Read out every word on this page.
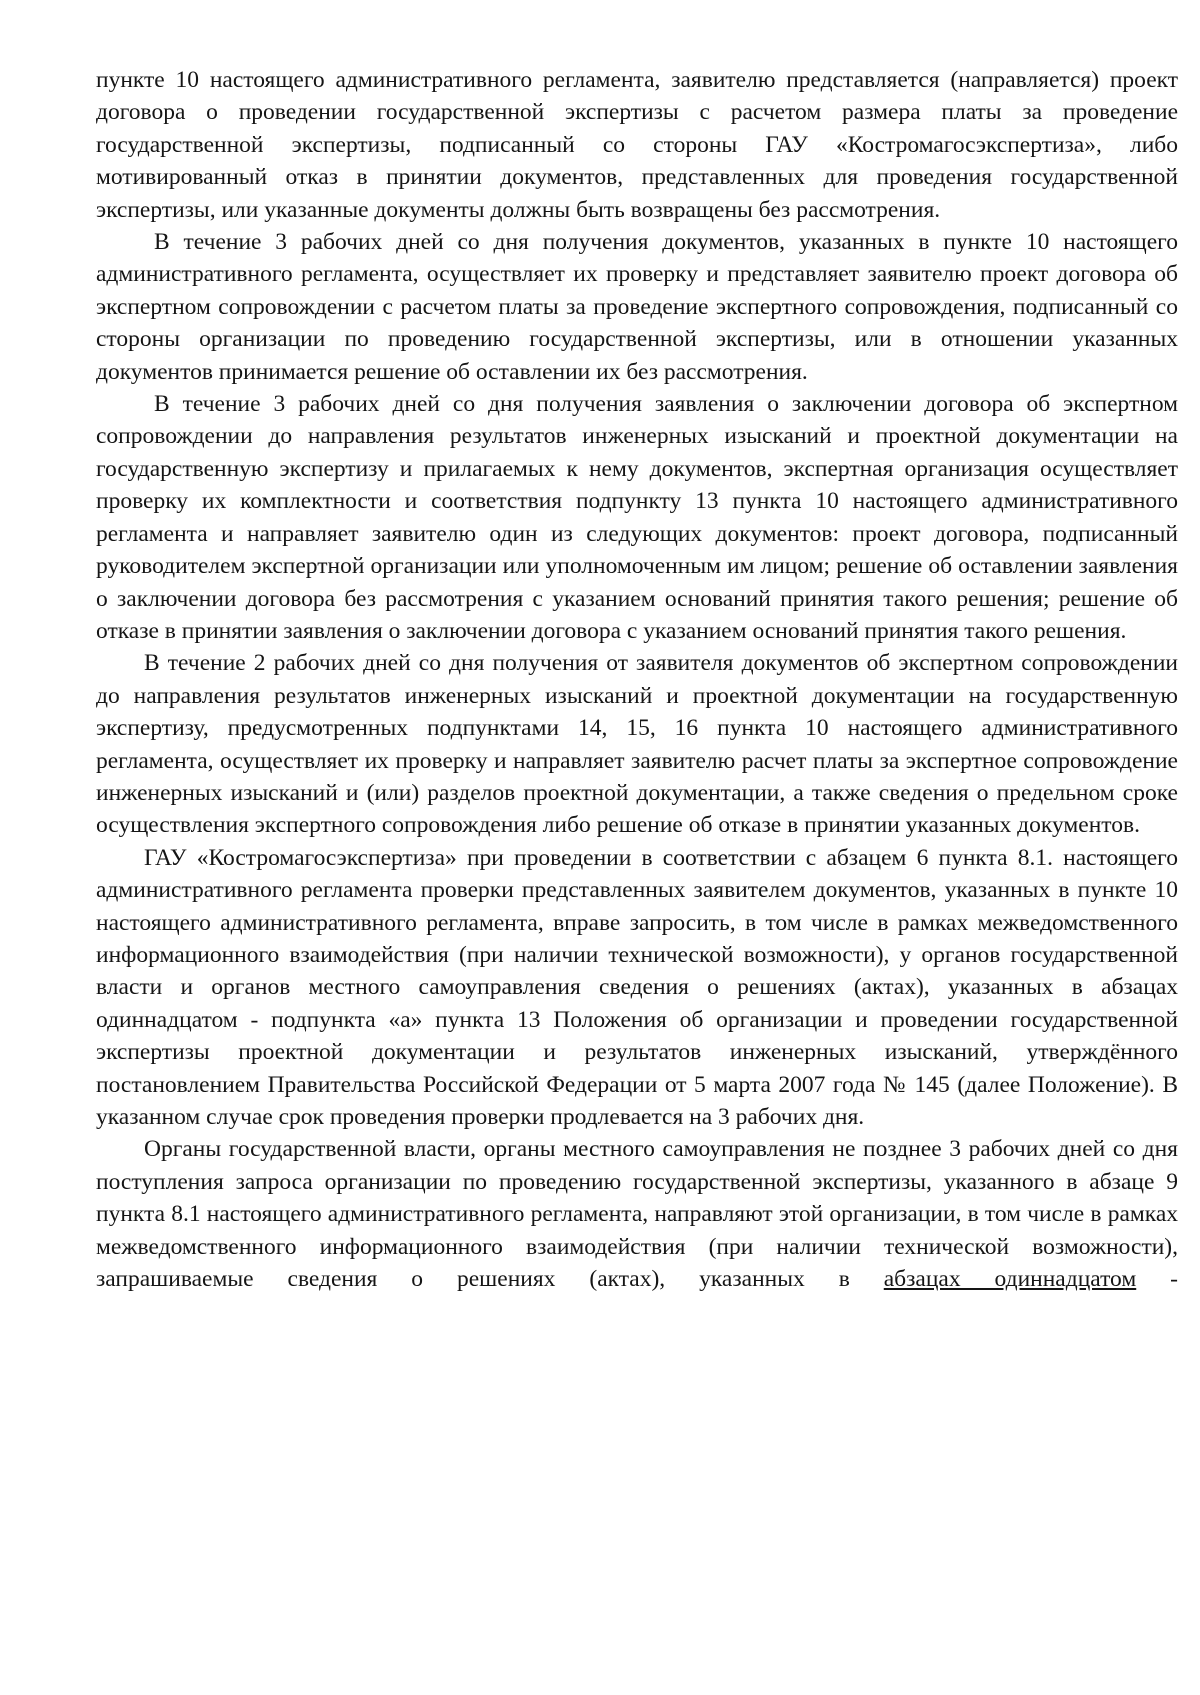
пункте 10 настоящего административного регламента, заявителю представляется (направляется) проект договора о проведении государственной экспертизы с расчетом размера платы за проведение государственной экспертизы, подписанный со стороны ГАУ «Костромагосэкспертиза», либо мотивированный отказ в принятии документов, представленных для проведения государственной экспертизы, или указанные документы должны быть возвращены без рассмотрения.

В течение 3 рабочих дней со дня получения документов, указанных в пункте 10 настоящего административного регламента, осуществляет их проверку и представляет заявителю проект договора об экспертном сопровождении с расчетом платы за проведение экспертного сопровождения, подписанный со стороны организации по проведению государственной экспертизы, или в отношении указанных документов принимается решение об оставлении их без рассмотрения.

В течение 3 рабочих дней со дня получения заявления о заключении договора об экспертном сопровождении до направления результатов инженерных изысканий и проектной документации на государственную экспертизу и прилагаемых к нему документов, экспертная организация осуществляет проверку их комплектности и соответствия подпункту 13 пункта 10 настоящего административного регламента и направляет заявителю один из следующих документов: проект договора, подписанный руководителем экспертной организации или уполномоченным им лицом; решение об оставлении заявления о заключении договора без рассмотрения с указанием оснований принятия такого решения; решение об отказе в принятии заявления о заключении договора с указанием оснований принятия такого решения.

В течение 2 рабочих дней со дня получения от заявителя документов об экспертном сопровождении до направления результатов инженерных изысканий и проектной документации на государственную экспертизу, предусмотренных подпунктами 14, 15, 16 пункта 10 настоящего административного регламента, осуществляет их проверку и направляет заявителю расчет платы за экспертное сопровождение инженерных изысканий и (или) разделов проектной документации, а также сведения о предельном сроке осуществления экспертного сопровождения либо решение об отказе в принятии указанных документов.

ГАУ «Костромагосэкспертиза» при проведении в соответствии с абзацем 6 пункта 8.1. настоящего административного регламента проверки представленных заявителем документов, указанных в пункте 10 настоящего административного регламента, вправе запросить, в том числе в рамках межведомственного информационного взаимодействия (при наличии технической возможности), у органов государственной власти и органов местного самоуправления сведения о решениях (актах), указанных в абзацах одиннадцатом - подпункта «а» пункта 13 Положения об организации и проведении государственной экспертизы проектной документации и результатов инженерных изысканий, утверждённого постановлением Правительства Российской Федерации от 5 марта 2007 года № 145 (далее Положение). В указанном случае срок проведения проверки продлевается на 3 рабочих дня.

Органы государственной власти, органы местного самоуправления не позднее 3 рабочих дней со дня поступления запроса организации по проведению государственной экспертизы, указанного в абзаце 9 пункта 8.1 настоящего административного регламента, направляют этой организации, в том числе в рамках межведомственного информационного взаимодействия (при наличии технической возможности), запрашиваемые сведения о решениях (актах), указанных в абзацах одиннадцатом -
